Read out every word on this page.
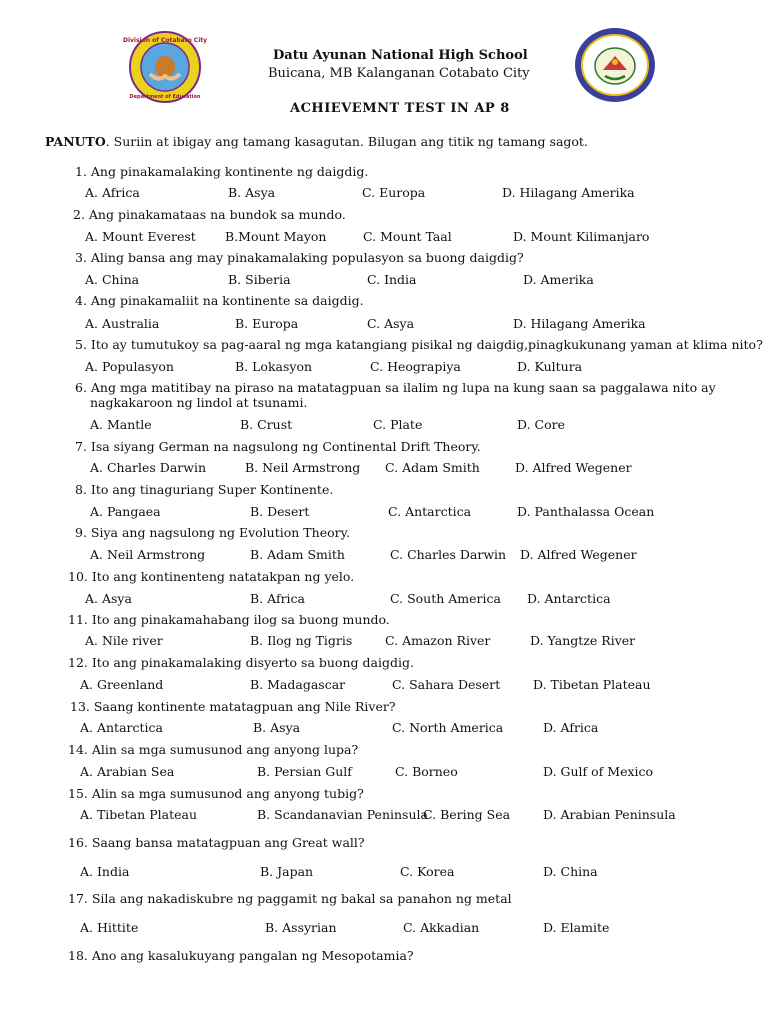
Division of Cotabato City
Department of Education
Datu Ayunan National High School
Buicana, MB Kalanganan Cotabato City
ACHIEVEMNT TEST IN AP 8
PANUTO. Suriin at ibigay ang tamang kasagutan. Bilugan ang titik ng tamang sagot.
1. Ang pinakamalaking kontinente ng daigdig.
A. Africa	B. Asya	C. Europa	D. Hilagang Amerika
2. Ang pinakamataas na bundok sa mundo.
A. Mount Everest B.Mount Mayon	C. Mount Taal	D. Mount Kilimanjaro
3. Aling bansa ang may pinakamalaking populasyon sa buong daigdig?
A. China	B. Siberia	C. India	D. Amerika
4. Ang pinakamaliit na kontinente sa daigdig.
A. Australia	B. Europa	C. Asya	D. Hilagang Amerika
5. Ito ay tumutukoy sa pag-aaral ng mga katangiang pisikal ng daigdig,pinagkukunang yaman at klima nito?
A. Populasyon	B. Lokasyon	C. Heograpiya	D. Kultura
6. Ang mga matitibay na piraso na matatagpuan sa ilalim ng lupa na kung saan sa paggalawa nito ay
nagkakaroon ng lindol at tsunami.
A. Mantle	B. Crust	C. Plate	D. Core
7. Isa siyang German na nagsulong ng Continental Drift Theory.
A. Charles Darwin	B. Neil Armstrong C. Adam Smith	D. Alfred Wegener
8. Ito ang tinaguriang Super Kontinente.
A. Pangaea	B. Desert	C. Antarctica	D. Panthalassa Ocean
9. Siya ang nagsulong ng Evolution Theory.
A. Neil Armstrong	B. Adam Smith	C. Charles Darwin D. Alfred Wegener
10. Ito ang kontinenteng natatakpan ng yelo.
A. Asya	B. Africa	C. South America D. Antarctica
11. Ito ang pinakamahabang ilog sa buong mundo.
A. Nile river	B. Ilog ng Tigris	C. Amazon River	D. Yangtze River
12. Ito ang pinakamalaking disyerto sa buong daigdig.
A. Greenland	B. Madagascar	C. Sahara Desert	D. Tibetan Plateau
13. Saang kontinente matatagpuan ang Nile River?
A. Antarctica	B. Asya	C. North America	D. Africa
14. Alin sa mga sumusunod ang anyong lupa?
A. Arabian Sea	B. Persian Gulf	C. Borneo	D. Gulf of Mexico
15. Alin sa mga sumusunod ang anyong tubig?
A. Tibetan Plateau	B. Scandanavian Peninsula
C. Bering Sea	D. Arabian Peninsula
16. Saang bansa matatagpuan ang Great wall?
A. India	B. Japan	C. Korea	D. China
17. Sila ang nakadiskubre ng paggamit ng bakal sa panahon ng metal
A. Hittite	B. Assyrian	C. Akkadian	D. Elamite
18. Ano ang kasalukuyang pangalan ng Mesopotamia?
